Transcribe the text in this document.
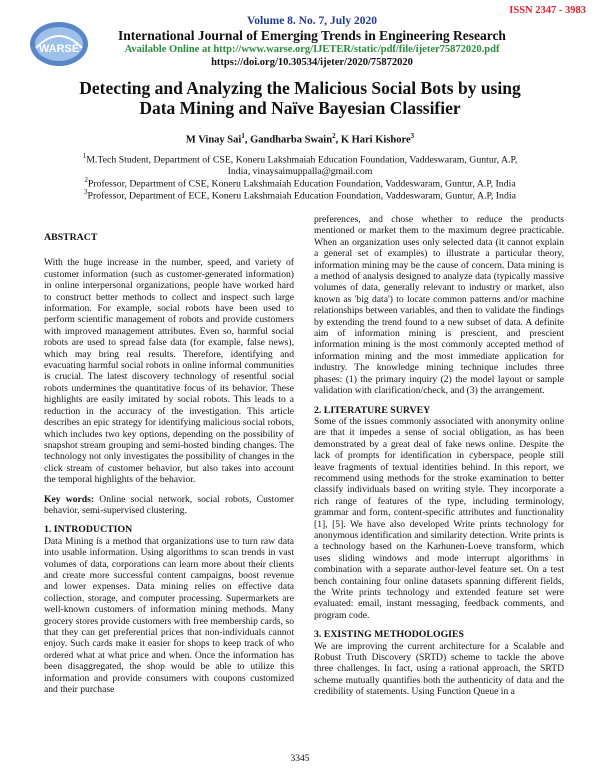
ISSN 2347 - 3983
WARSE
Volume 8. No. 7, July 2020
International Journal of Emerging Trends in Engineering Research
Available Online at http://www.warse.org/IJETER/static/pdf/file/ijeter75872020.pdf
https://doi.org/10.30534/ijeter/2020/75872020
Detecting and Analyzing the Malicious Social Bots by using
Data Mining and Naïve Bayesian Classifier
M Vinay Sai$^1$, Gandharba Swain$^2$, K Hari Kishore$^3$
$^1$M.Tech Student, Department of CSE, Koneru Lakshmaiah Education Foundation, Vaddeswaram, Guntur, A.P,
India, vinaysaimuppalla@gmail.com
$^2$Professor, Department of CSE, Koneru Lakshmaiah Education Foundation, Vaddeswaram, Guntur, A.P, India
$^3$Professor, Department of ECE, Koneru Lakshmaiah Education Foundation, Vaddeswaram, Guntur, A.P, India
ABSTRACT

With the huge increase in the number, speed, and variety of customer information (such as customer-generated information) in online interpersonal organizations, people have worked hard to construct better methods to collect and inspect such large information. For example, social robots have been used to perform scientific management of robots and provide customers with improved management attributes. Even so, harmful social robots are used to spread false data (for example, false news), which may bring real results. Therefore, identifying and evacuating harmful social robots in online informal communities is crucial. The latest discovery technology of resentful social robots undermines the quantitative focus of its behavior. These highlights are easily imitated by social robots. This leads to a reduction in the accuracy of the investigation. This article describes an epic strategy for identifying malicious social robots, which includes two key options, depending on the possibility of snapshot stream grouping and semi-hosted binding changes. The technology not only investigates the possibility of changes in the click stream of customer behavior, but also takes into account the temporal highlights of the behavior.

Key words: Online social network, social robots, Customer behavior, semi-supervised clustering.

1. INTRODUCTION

Data Mining is a method that organizations use to turn raw data into usable information. Using algorithms to scan trends in vast volumes of data, corporations can learn more about their clients and create more successful content campaigns, boost revenue and lower expenses. Data mining relies on effective data collection, storage, and computer processing. Supermarkets are well-known customers of information mining methods. Many grocery stores provide customers with free membership cards, so that they can get preferential prices that non-individuals cannot enjoy. Such cards make it easier for shops to keep track of who ordered what at what price and when. Once the information has been disaggregated, the shop would be able to utilize this information and provide consumers with coupons customized and their purchase

preferences, and chose whether to reduce the products mentioned or market them to the maximum degree practicable. When an organization uses only selected data (it cannot explain a general set of examples) to illustrate a particular theory, information mining may be the cause of concern. Data mining is a method of analysis designed to analyze data (typically massive volumes of data, generally relevant to industry or market, also known as 'big data') to locate common patterns and/or machine relationships between variables, and then to validate the findings by extending the trend found to a new subset of data. A definite aim of information mining is prescient, and prescient information mining is the most commonly accepted method of information mining and the most immediate application for industry. The knowledge mining technique includes three phases: (1) the primary inquiry (2) the model layout or sample validation with clarification/check, and (3) the arrangement.

2. LITERATURE SURVEY

Some of the issues commonly associated with anonymity online are that it impedes a sense of social obligation, as has been demonstrated by a great deal of fake news online. Despite the lack of prompts for identification in cyberspace, people still leave fragments of textual identities behind. In this report, we recommend using methods for the stroke examination to better classify individuals based on writing style. They incorporate a rich range of features of the type, including terminology, grammar and form, content-specific attributes and functionality [1], [5]. We have also developed Write prints technology for anonymous identification and similarity detection. Write prints is a technology based on the Karhunen-Loeve transform, which uses sliding windows and mode interrupt algorithms in combination with a separate author-level feature set. On a test bench containing four online datasets spanning different fields, the Write prints technology and extended feature set were evaluated: email, instant messaging, feedback comments, and program code.

3. EXISTING METHODOLOGIES

We are improving the current architecture for a Scalable and Robust Truth Discovery (SRTD) scheme to tackle the above three challenges. In fact, using a rational approach, the SRTD scheme mutually quantifies both the authenticity of data and the credibility of statements. Using Function Queue in a

3345
